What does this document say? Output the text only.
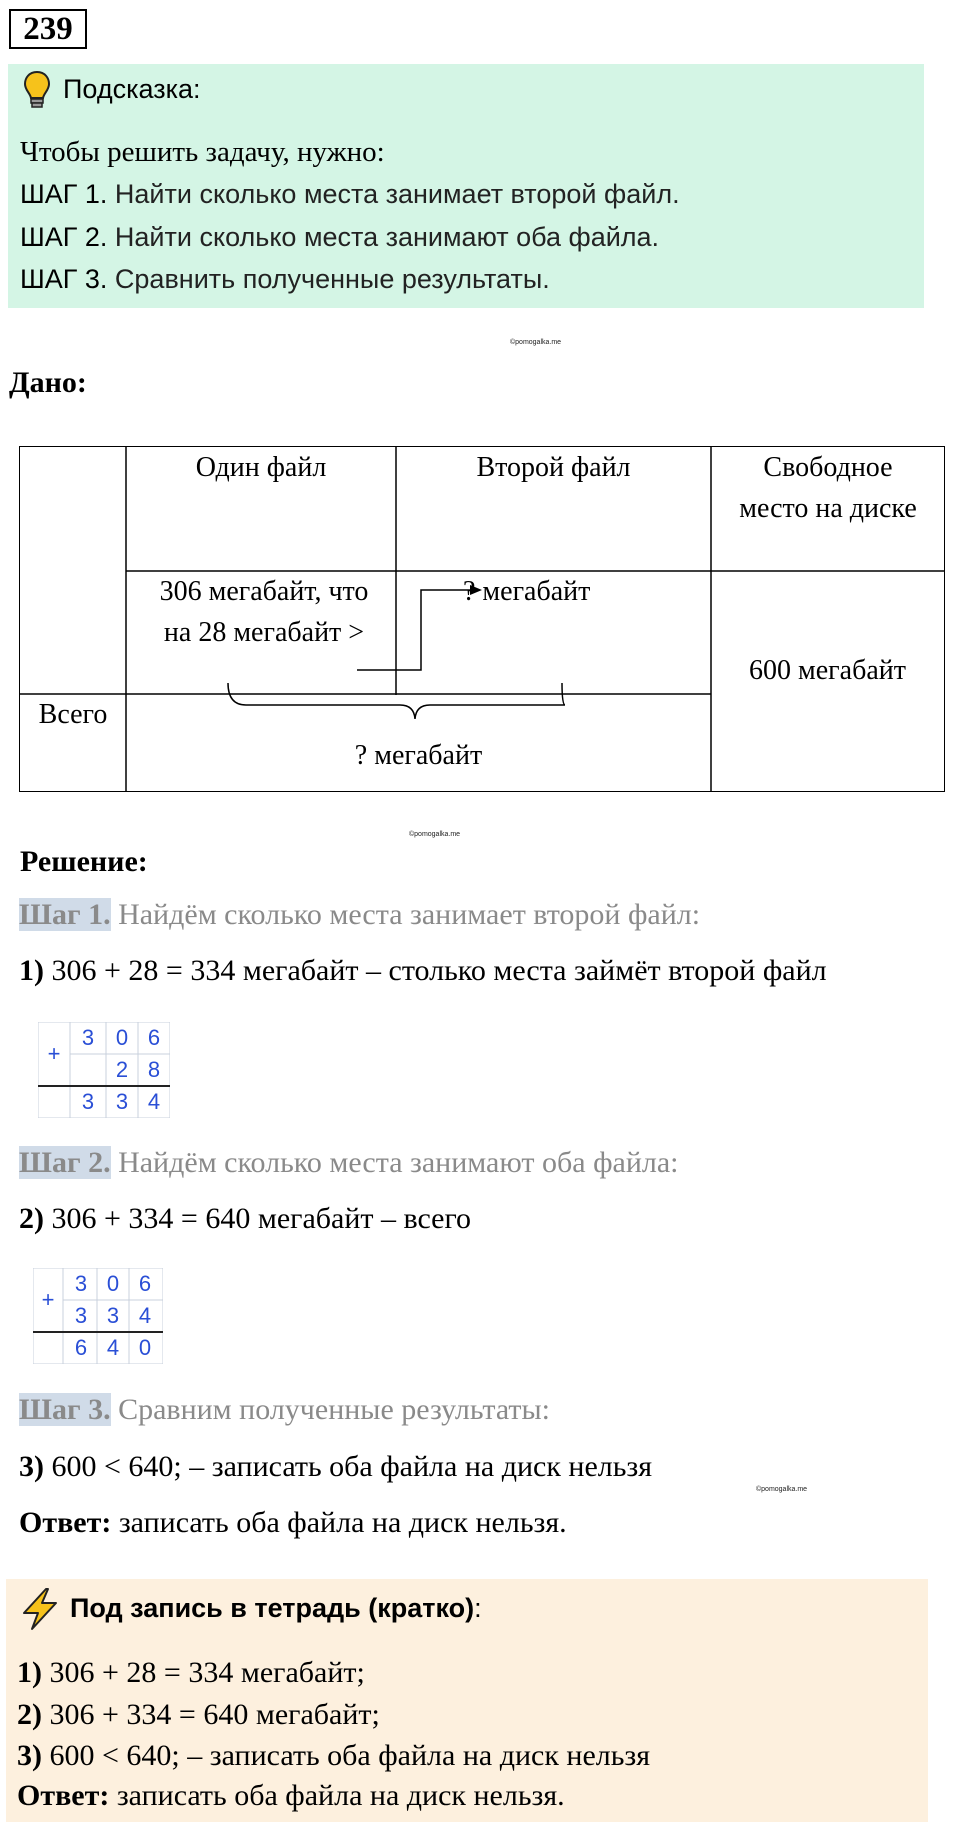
239
Подсказка:
Чтобы решить задачу, нужно:
ШАГ 1. Найти сколько места занимает второй файл.
ШАГ 2. Найти сколько места занимают оба файла.
ШАГ 3. Сравнить полученные результаты.
©pomogalka.me
Дано:
Один файл	Второй файл	Свободное место на диске
306 мегабайт, что на 28 мегабайт >
? мегабайт
600 мегабайт
Всего
? мегабайт
©pomogalka.me
Решение:
Шаг 1. Найдём сколько места занимает второй файл:
1) 306 + 28 = 334 мегабайт – столько места займёт второй файл
+
3 0 6
2 8
3 3 4
Шаг 2. Найдём сколько места занимают оба файла:
2) 306 + 334 = 640 мегабайт – всего
+
3 0 6
3 3 4
6 4 0
Шаг 3. Сравним полученные результаты:
3) 600 < 640; – записать оба файла на диск нельзя
©pomogalka.me
Ответ: записать оба файла на диск нельзя.
Под запись в тетрадь (кратко):
1) 306 + 28 = 334 мегабайт;
2) 306 + 334 = 640 мегабайт;
3) 600 < 640; – записать оба файла на диск нельзя
Ответ: записать оба файла на диск нельзя.
